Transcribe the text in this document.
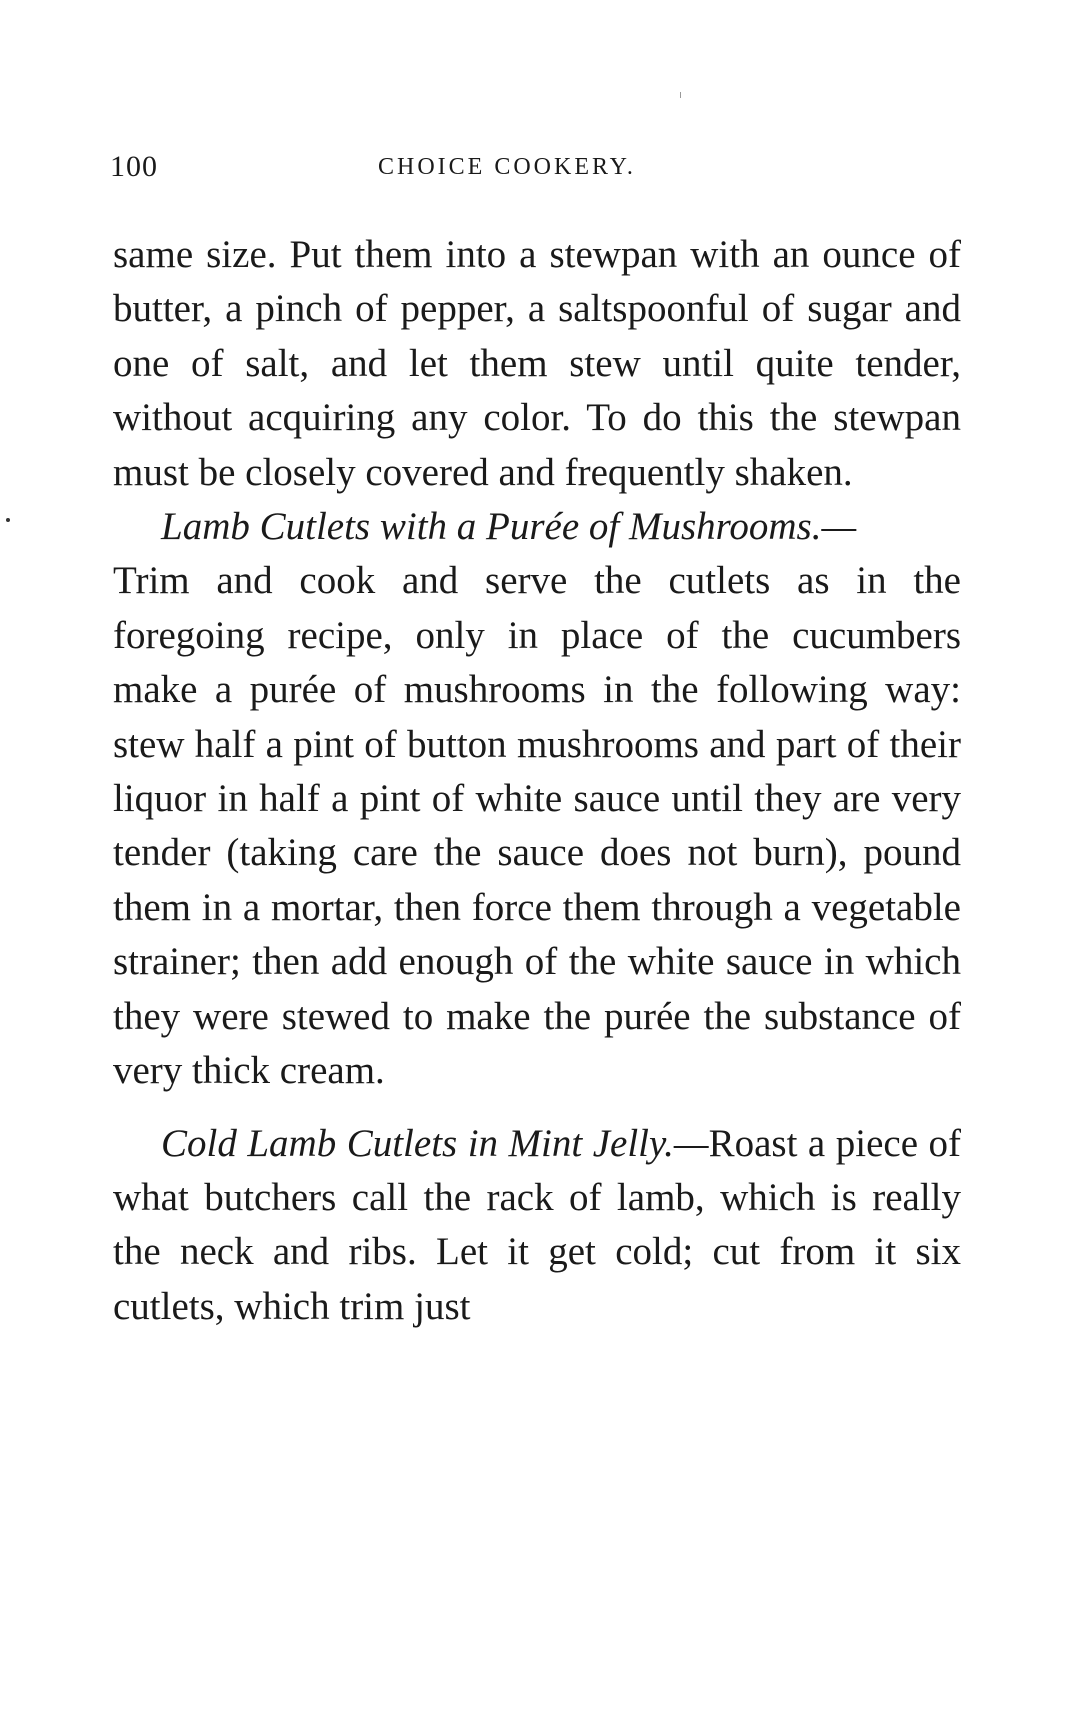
100	CHOICE COOKERY.

same size. Put them into a stewpan with an ounce of butter, a pinch of pepper, a saltspoonful of sugar and one of salt, and let them stew until quite tender, without acquiring any color. To do this the stewpan must be closely covered and frequently shaken.

Lamb Cutlets with a Purée of Mushrooms.—
Trim and cook and serve the cutlets as in the foregoing recipe, only in place of the cucumbers make a purée of mushrooms in the following way: stew half a pint of button mushrooms and part of their liquor in half a pint of white sauce until they are very tender (taking care the sauce does not burn), pound them in a mortar, then force them through a vegetable strainer; then add enough of the white sauce in which they were stewed to make the purée the substance of very thick cream.

Cold Lamb Cutlets in Mint Jelly.—Roast a piece of what butchers call the rack of lamb, which is really the neck and ribs. Let it get cold; cut from it six cutlets, which trim just
